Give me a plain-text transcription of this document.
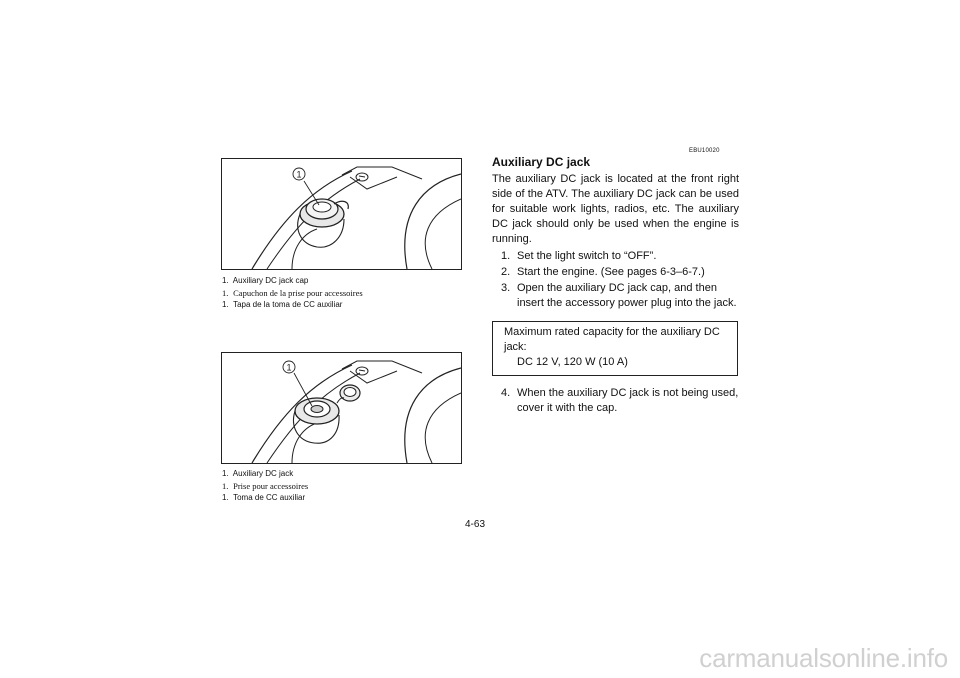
1
1. Auxiliary DC jack cap
1. Capuchon de la prise pour accessoires
1. Tapa de la toma de CC auxiliar
1
1. Auxiliary DC jack
1. Prise pour accessoires
1. Toma de CC auxiliar
EBU10020
Auxiliary DC jack

The auxiliary DC jack is located at the front right side of the ATV. The auxiliary DC jack can be used for suitable work lights, radios, etc. The auxiliary DC jack should only be used when the engine is running.

1. Set the light switch to “OFF”.
2. Start the engine. (See pages 6-3–6-7.)
3. Open the auxiliary DC jack cap, and then insert the accessory power plug into the jack.
Maximum rated capacity for the auxiliary DC jack:
DC 12 V, 120 W (10 A)
4. When the auxiliary DC jack is not being used, cover it with the cap.
4-63
carmanualsonline.info
